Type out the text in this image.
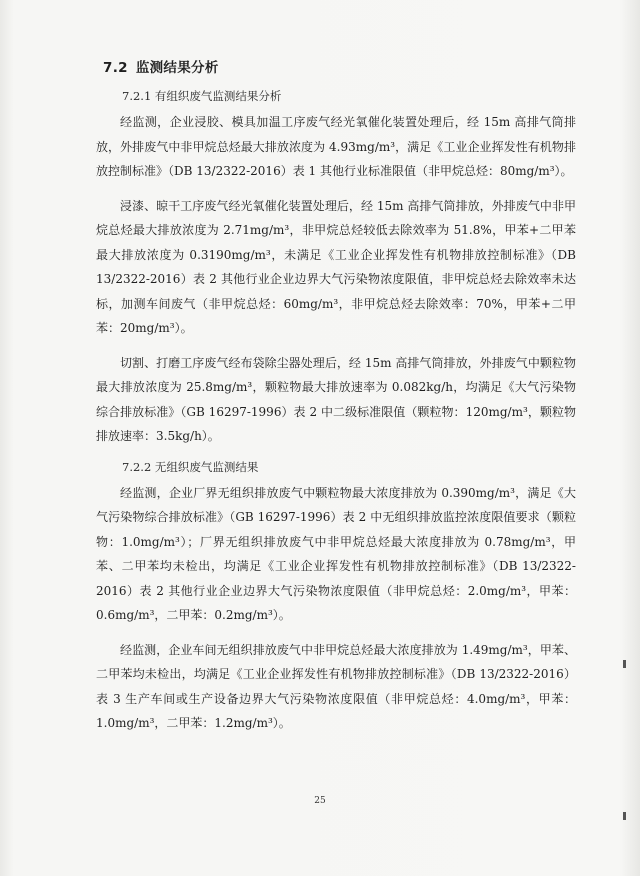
7.2 监测结果分析
7.2.1 有组织废气监测结果分析

经监测，企业浸胶、模具加温工序废气经光氧催化装置处理后，经 15m 高排气筒排放，外排废气中非甲烷总烃最大排放浓度为 4.93mg/m³，满足《工业企业挥发性有机物排放控制标准》（DB 13/2322-2016）表 1 其他行业标准限值（非甲烷总烃：80mg/m³）。

浸漆、晾干工序废气经光氧催化装置处理后，经 15m 高排气筒排放，外排废气中非甲烷总烃最大排放浓度为 2.71mg/m³，非甲烷总烃较低去除效率为 51.8%，甲苯+二甲苯最大排放浓度为 0.3190mg/m³，未满足《工业企业挥发性有机物排放控制标准》（DB 13/2322-2016）表 2 其他行业企业边界大气污染物浓度限值，非甲烷总烃去除效率未达标，加测车间废气（非甲烷总烃：60mg/m³，非甲烷总烃去除效率：70%，甲苯+二甲苯：20mg/m³）。

切割、打磨工序废气经布袋除尘器处理后，经 15m 高排气筒排放，外排废气中颗粒物最大排放浓度为 25.8mg/m³，颗粒物最大排放速率为 0.082kg/h，均满足《大气污染物综合排放标准》（GB 16297-1996）表 2 中二级标准限值（颗粒物：120mg/m³，颗粒物排放速率：3.5kg/h）。

7.2.2 无组织废气监测结果

经监测，企业厂界无组织排放废气中颗粒物最大浓度排放为 0.390mg/m³，满足《大气污染物综合排放标准》（GB 16297-1996）表 2 中无组织排放监控浓度限值要求（颗粒物：1.0mg/m³）；厂界无组织排放废气中非甲烷总烃最大浓度排放为 0.78mg/m³，甲苯、二甲苯均未检出，均满足《工业企业挥发性有机物排放控制标准》（DB 13/2322-2016）表 2 其他行业企业边界大气污染物浓度限值（非甲烷总烃：2.0mg/m³，甲苯：0.6mg/m³，二甲苯：0.2mg/m³）。

经监测，企业车间无组织排放废气中非甲烷总烃最大浓度排放为 1.49mg/m³，甲苯、二甲苯均未检出，均满足《工业企业挥发性有机物排放控制标准》（DB 13/2322-2016）表 3 生产车间或生产设备边界大气污染物浓度限值（非甲烷总烃：4.0mg/m³，甲苯：1.0mg/m³，二甲苯：1.2mg/m³）。

25
